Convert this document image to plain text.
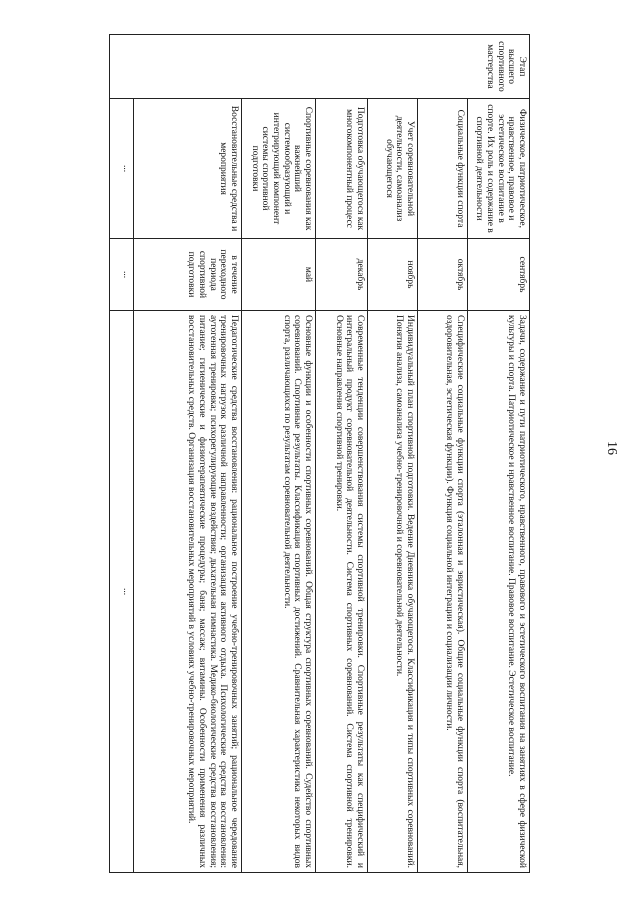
16
Этап высшего спортивного мастерства	Физическое, патриотическое, нравственное, правовое и эстетическое воспитание в спорте. Их роль и содержание в спортивной деятельности	сентябрь	Задачи, содержание и пути патриотического, нравственного, правового и эстетического воспитания на занятиях в сфере физической культуры и спорта. Патриотическое и нравственное воспитание. Правовое воспитание. Эстетическое воспитание.
	Социальные функции спорта	октябрь	Специфические социальные функции спорта (эталонная и эвристическая). Общие социальные функции спорта (воспитательная, оздоровительная, эстетическая функции). Функция социальной интеграции и социализации личности.
	Учет соревновательной деятельности, самоанализ обучающегося	ноябрь	Индивидуальный план спортивной подготовки. Ведение Дневника обучающегося. Классификация и типы спортивных соревнований. Понятия анализа, самоанализа учебно-тренировочной и соревновательной деятельности.
	Подготовка обучающегося как многокомпонентный процесс	декабрь	Современные тенденции совершенствования системы спортивной тренировки. Спортивные результаты как специфический и интегральный продукт соревновательной деятельности. Система спортивных соревнований. Система спортивной тренировки. Основные направления спортивной тренировки.
	Спортивные соревнования как важнейший системообразующий и интегрирующий компонент системы спортивной подготовки	май	Основные функции и особенности спортивных соревнований. Общая структура спортивных соревнований. Судейство спортивных соревнований. Спортивные результаты. Классификация спортивных достижений. Сравнительная характеристика некоторых видов спорта, различающихся по результатам соревновательной деятельности.
	Восстановительные средства и мероприятия	в течение переходного периода спортивной подготовки	Педагогические средства восстановления: рациональное построение учебно-тренировочных занятий; рациональное чередование тренировочных нагрузок различной направленности; организация активного отдыха. Психологические средства восстановления: аутогенная тренировка; психорегулирующие воздействия; дыхательная гимнастика. Медико-биологические средства восстановления; питание; гигиенические и физиотерапевтические процедуры; баня; массаж; витамины. Особенности применения различных восстановительных средств. Организация восстановительных мероприятий в условиях учебно-тренировочных мероприятий.
	...	...	...
